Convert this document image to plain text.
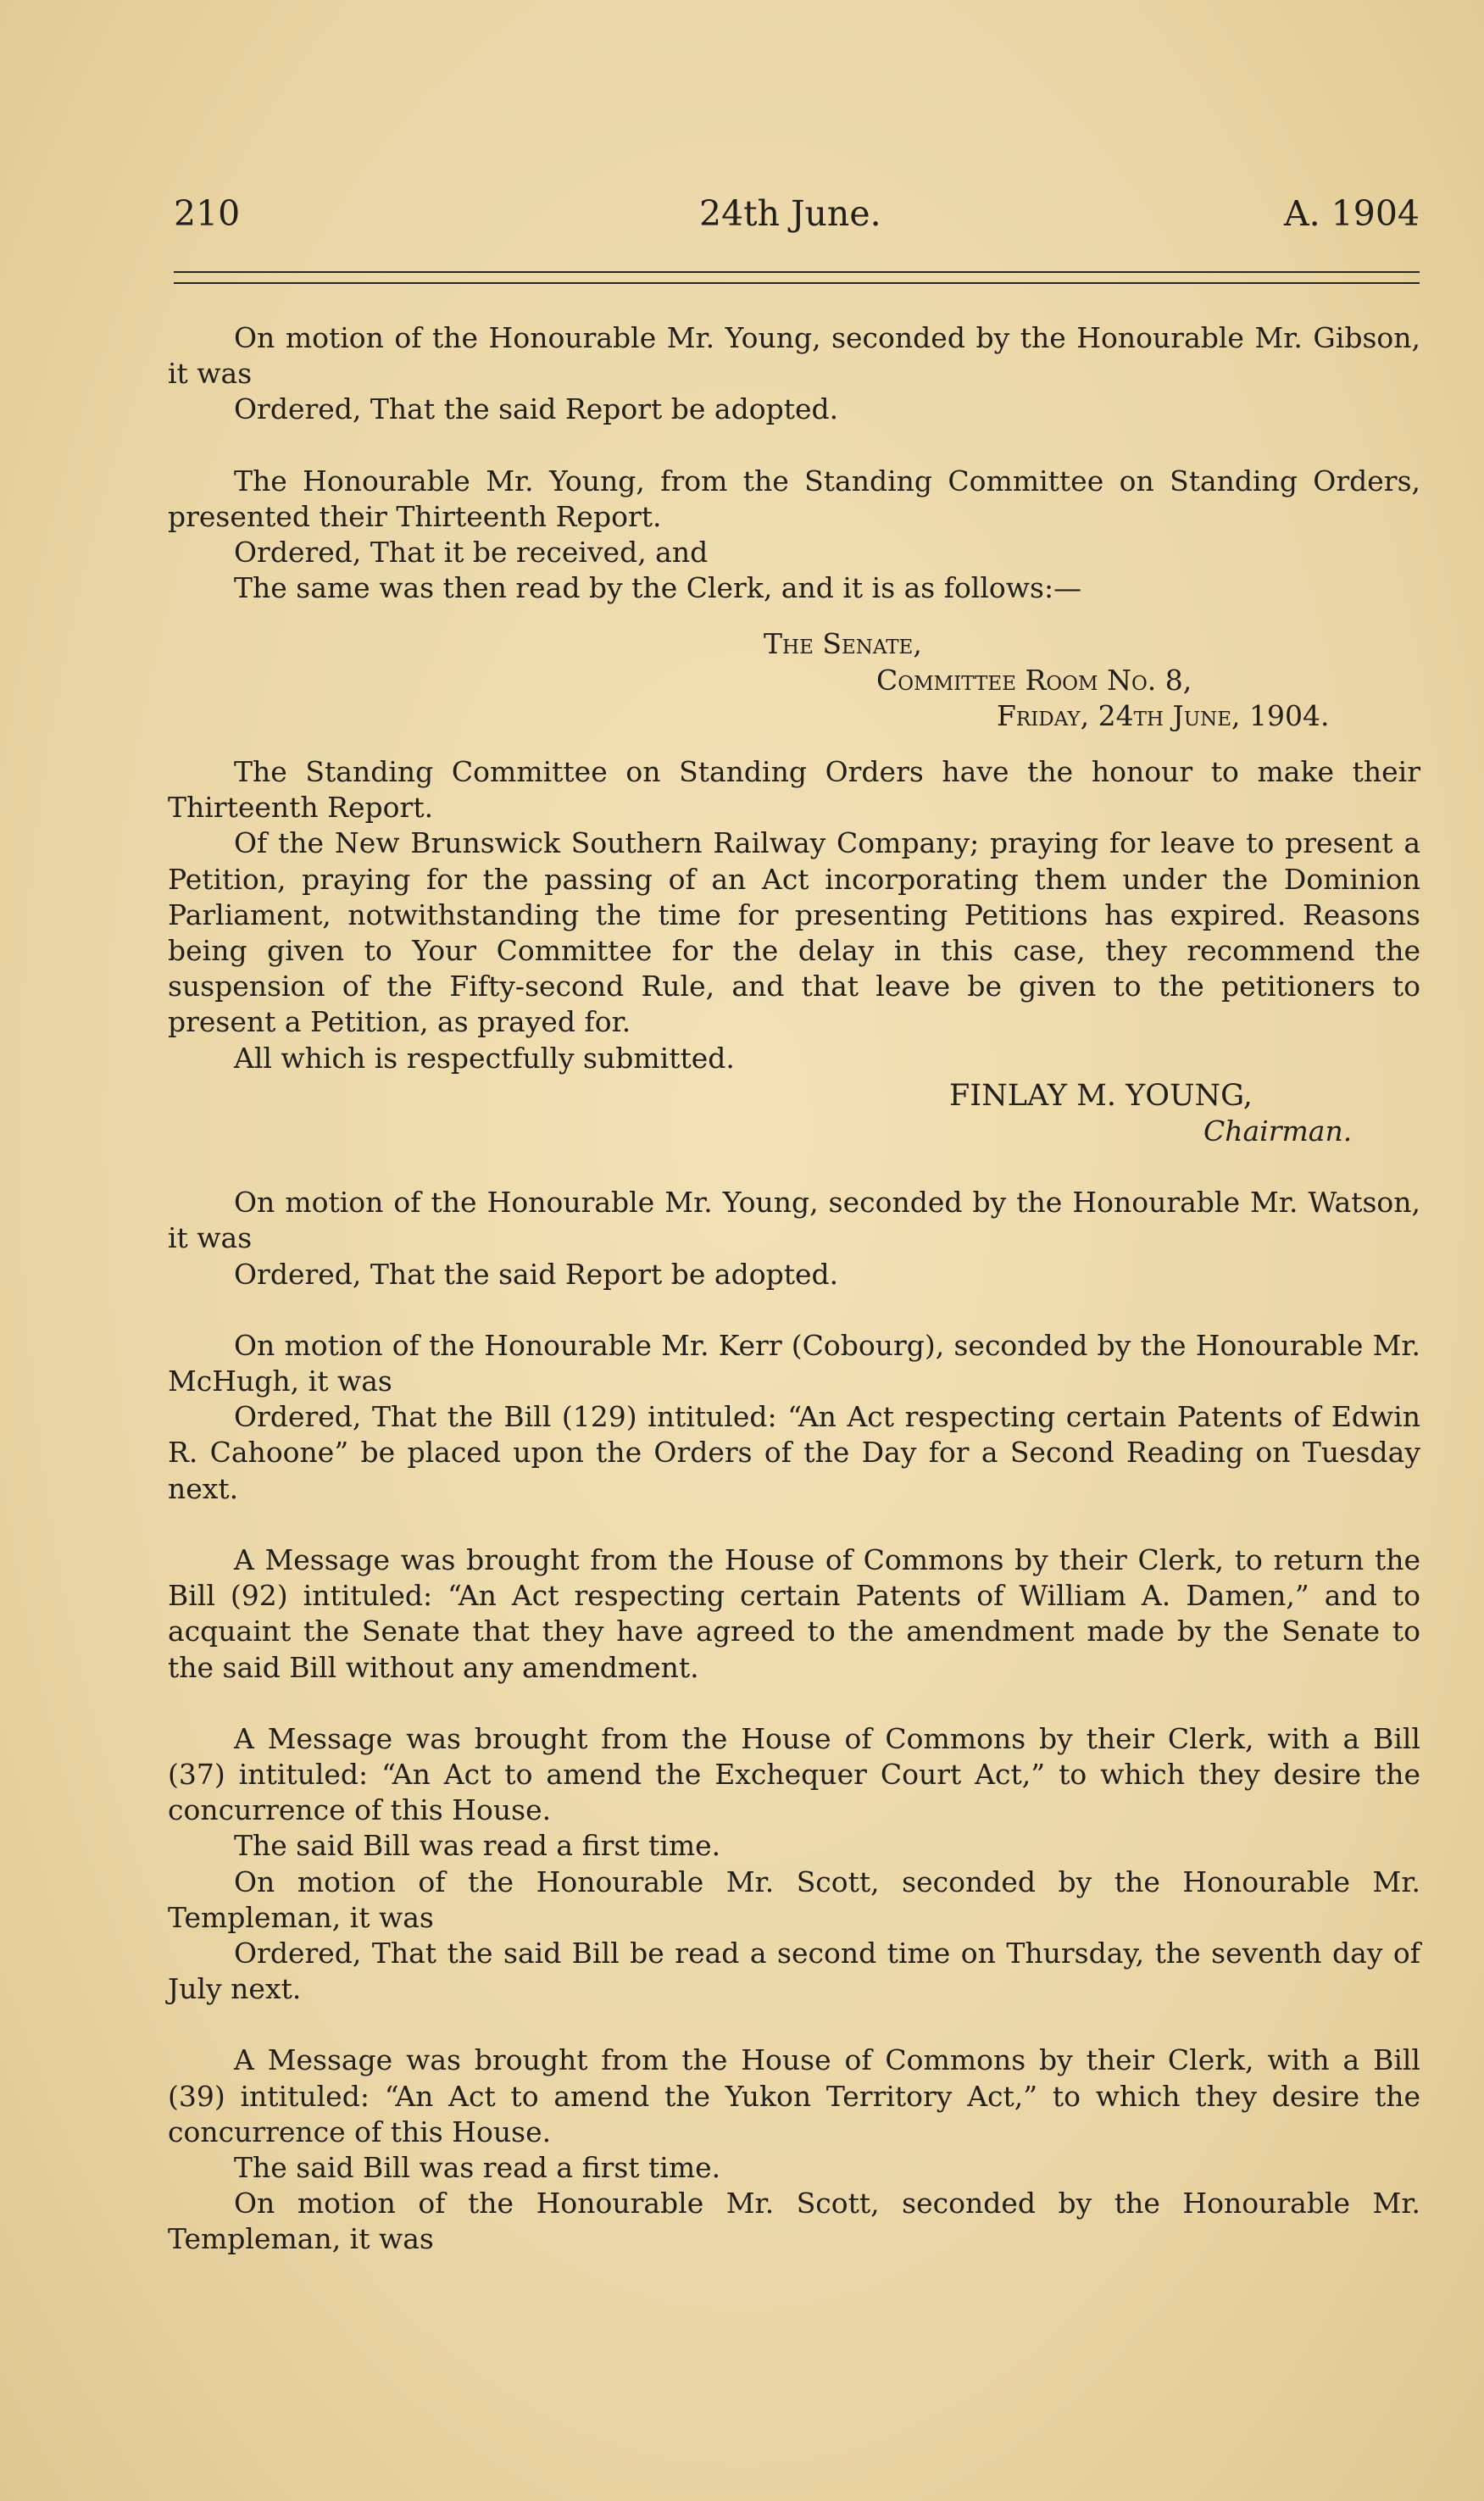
210	24th June.	A. 1904

On motion of the Honourable Mr. Young, seconded by the Honourable Mr. Gibson, it was

Ordered, That the said Report be adopted.

The Honourable Mr. Young, from the Standing Committee on Standing Orders, presented their Thirteenth Report.

Ordered, That it be received, and

The same was then read by the Clerk, and it is as follows:—

The Senate,

Committee Room No. 8,

Friday, 24th June, 1904.

The Standing Committee on Standing Orders have the honour to make their Thirteenth Report.

Of the New Brunswick Southern Railway Company; praying for leave to present a Petition, praying for the passing of an Act incorporating them under the Dominion Parliament, notwithstanding the time for presenting Petitions has expired. Reasons being given to Your Committee for the delay in this case, they recommend the suspension of the Fifty-second Rule, and that leave be given to the petitioners to present a Petition, as prayed for.

All which is respectfully submitted.

FINLAY M. YOUNG,

Chairman.

On motion of the Honourable Mr. Young, seconded by the Honourable Mr. Watson, it was

Ordered, That the said Report be adopted.

On motion of the Honourable Mr. Kerr (Cobourg), seconded by the Honourable Mr. McHugh, it was

Ordered, That the Bill (129) intituled: “An Act respecting certain Patents of Edwin R. Cahoone” be placed upon the Orders of the Day for a Second Reading on Tuesday next.

A Message was brought from the House of Commons by their Clerk, to return the Bill (92) intituled: “An Act respecting certain Patents of William A. Damen,” and to acquaint the Senate that they have agreed to the amendment made by the Senate to the said Bill without any amendment.

A Message was brought from the House of Commons by their Clerk, with a Bill (37) intituled: “An Act to amend the Exchequer Court Act,” to which they desire the concurrence of this House.

The said Bill was read a first time.

On motion of the Honourable Mr. Scott, seconded by the Honourable Mr. Templeman, it was

Ordered, That the said Bill be read a second time on Thursday, the seventh day of July next.

A Message was brought from the House of Commons by their Clerk, with a Bill (39) intituled: “An Act to amend the Yukon Territory Act,” to which they desire the concurrence of this House.

The said Bill was read a first time.

On motion of the Honourable Mr. Scott, seconded by the Honourable Mr. Templeman, it was
